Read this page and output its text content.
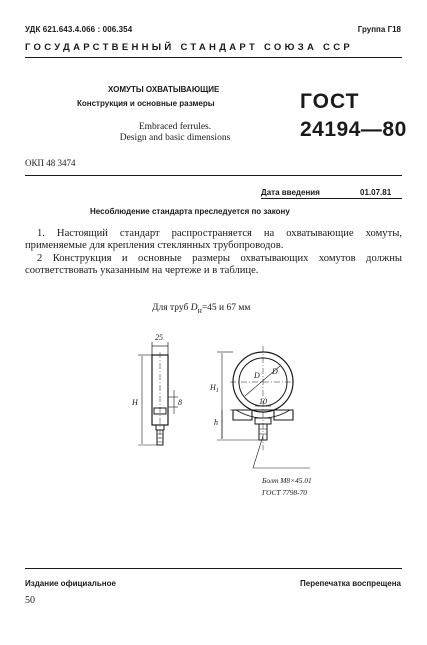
УДК 621.643.4.066 : 006.354	Группа Г18
ГОСУДАРСТВЕННЫЙ СТАНДАРТ СОЮЗА ССР
ХОМУТЫ ОХВАТЫВАЮЩИЕ
Конструкция и основные размеры
Embraced ferrules.
Design and basic dimensions
ГОСТ
24194—80
ОКП 48 3474
Дата введения	01.07.81
Несоблюдение стандарта преследуется по закону
1. Настоящий стандарт распространяется на охватывающие хомуты, применяемые для крепления стеклянных трубопроводов.
2 Конструкция и основные размеры охватывающих хомутов должны соответствовать указанным на чертеже и в таблице.
Для труб $D_н=45$ и 67 мм
25
H	8
$H_1$
h
D D
10
Болт М8×45.01
ГОСТ 7798-70
Издание официальное	Перепечатка воспрещена
50
